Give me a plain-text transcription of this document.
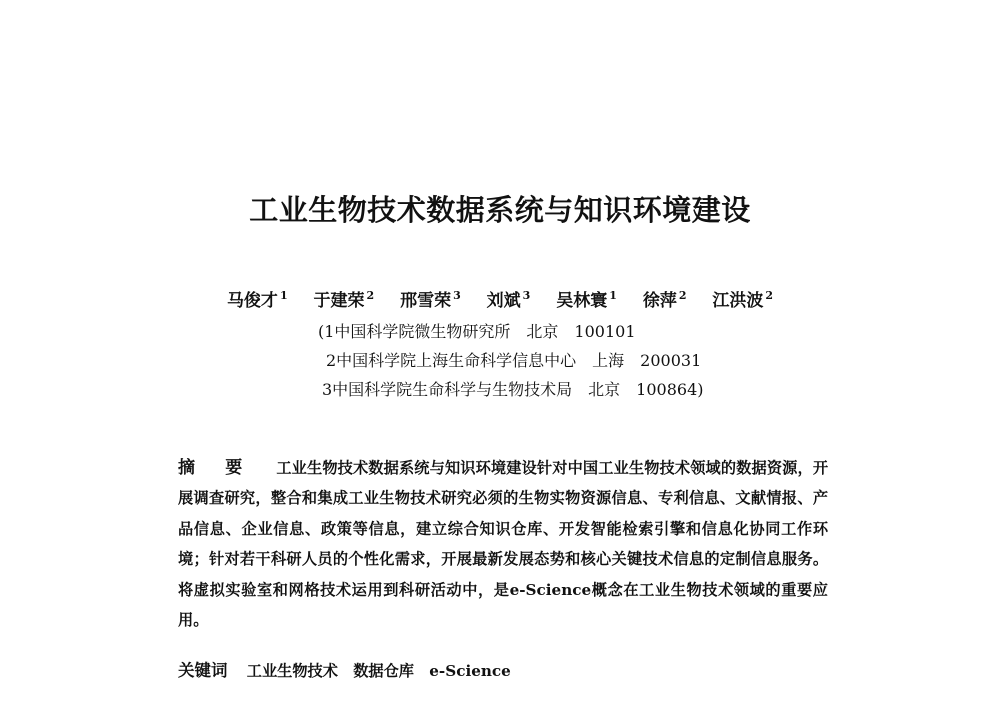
工业生物技术数据系统与知识环境建设
马俊才 $^1$ 于建荣 $^2$ 邢雪荣 $^3$ 刘斌 $^3$ 吴林寰 $^1$ 徐萍 $^2$ 江洪波 $^2$
(1中国科学院微生物研究所　北京　100101
2中国科学院上海生命科学信息中心　上海　200031
3中国科学院生命科学与生物技术局　北京　100864)
摘 要 工业生物技术数据系统与知识环境建设针对中国工业生物技术领域的数据资源，开展调查研究，整合和集成工业生物技术研究必须的生物实物资源信息、专利信息、文献情报、产品信息、企业信息、政策等信息，建立综合知识仓库、开发智能检索引擎和信息化协同工作环境；针对若干科研人员的个性化需求，开展最新发展态势和核心关键技术信息的定制信息服务。将虚拟实验室和网格技术运用到科研活动中，是e-Science概念在工业生物技术领域的重要应用。
关键词 工业生物技术 数据仓库 e-Science
